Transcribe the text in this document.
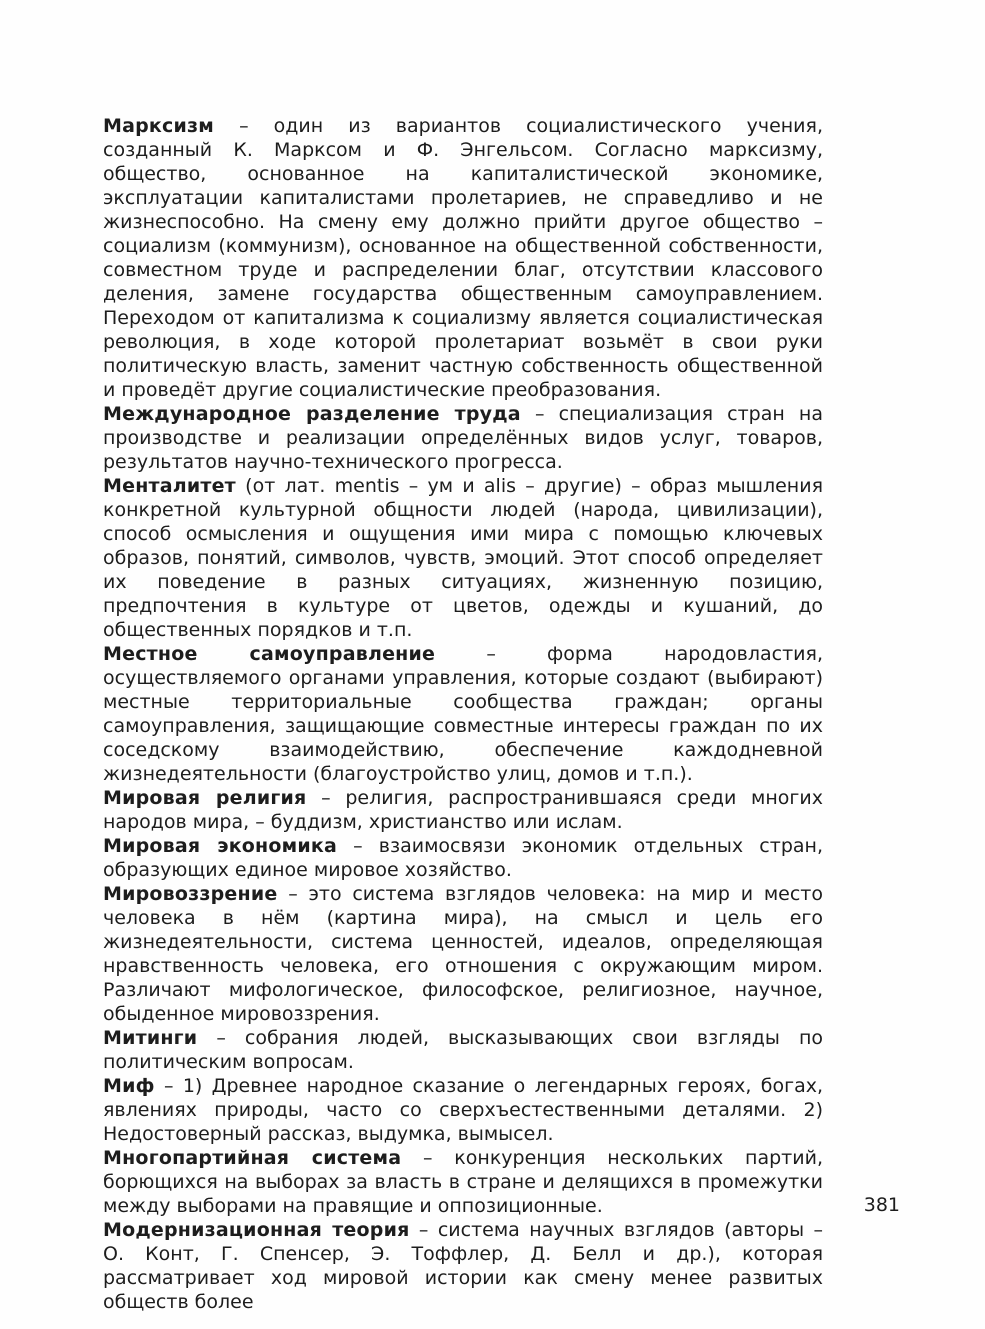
Марксизм – один из вариантов социалистического учения, созданный К. Марксом и Ф. Энгельсом. Согласно марксизму, общество, основанное на капиталистической экономике, эксплуатации капиталистами пролетариев, не справедливо и не жизнеспособно. На смену ему должно прийти другое общество – социализм (коммунизм), основанное на общественной собственности, совместном труде и распределении благ, отсутствии классового деления, замене государства общественным самоуправлением. Переходом от капитализма к социализму является социалистическая революция, в ходе которой пролетариат возьмёт в свои руки политическую власть, заменит частную собственность общественной и проведёт другие социалистические преобразования.

Международное разделение труда – специализация стран на производстве и реализации определённых видов услуг, товаров, результатов научно-технического прогресса.

Менталитет (от лат. mentis – ум и alis – другие) – образ мышления конкретной культурной общности людей (народа, цивилизации), способ осмысления и ощущения ими мира с помощью ключевых образов, понятий, символов, чувств, эмоций. Этот способ определяет их поведение в разных ситуациях, жизненную позицию, предпочтения в культуре от цветов, одежды и кушаний, до общественных порядков и т.п.

Местное самоуправление	– форма народовластия, осуществляемого органами управления, которые создают (выбирают) местные территориальные сообщества граждан; органы самоуправления, защищающие совместные интересы граждан по их соседскому взаимодействию, обеспечение каждодневной жизнедеятельности (благоустройство улиц, домов и т.п.).

Мировая религия – религия, распространившаяся среди многих народов мира, – буддизм, христианство или ислам.

Мировая экономика – взаимосвязи экономик отдельных стран, образующих единое мировое хозяйство.

Мировоззрение – это система взглядов человека: на мир и место человека в нём (картина мира), на смысл и цель его жизнедеятельности, система ценностей, идеалов, определяющая нравственность человека, его отношения с окружающим миром. Различают мифологическое, философское, религиозное, научное, обыденное мировоззрения.

Митинги – собрания людей, высказывающих свои взгляды по политическим вопросам.

Миф – 1) Древнее народное сказание о легендарных героях, богах, явлениях природы, часто со сверхъестественными деталями. 2) Недостоверный рассказ, выдумка, вымысел.

Многопартийная система – конкуренция нескольких партий, борющихся на выборах за власть в стране и делящихся в промежутки между выборами на правящие и оппозиционные.

Модернизационная теория – система научных взглядов (авторы – О. Конт, Г. Спенсер, Э. Тоффлер, Д. Белл и др.), которая рассматривает ход мировой истории как смену менее развитых обществ более

381
